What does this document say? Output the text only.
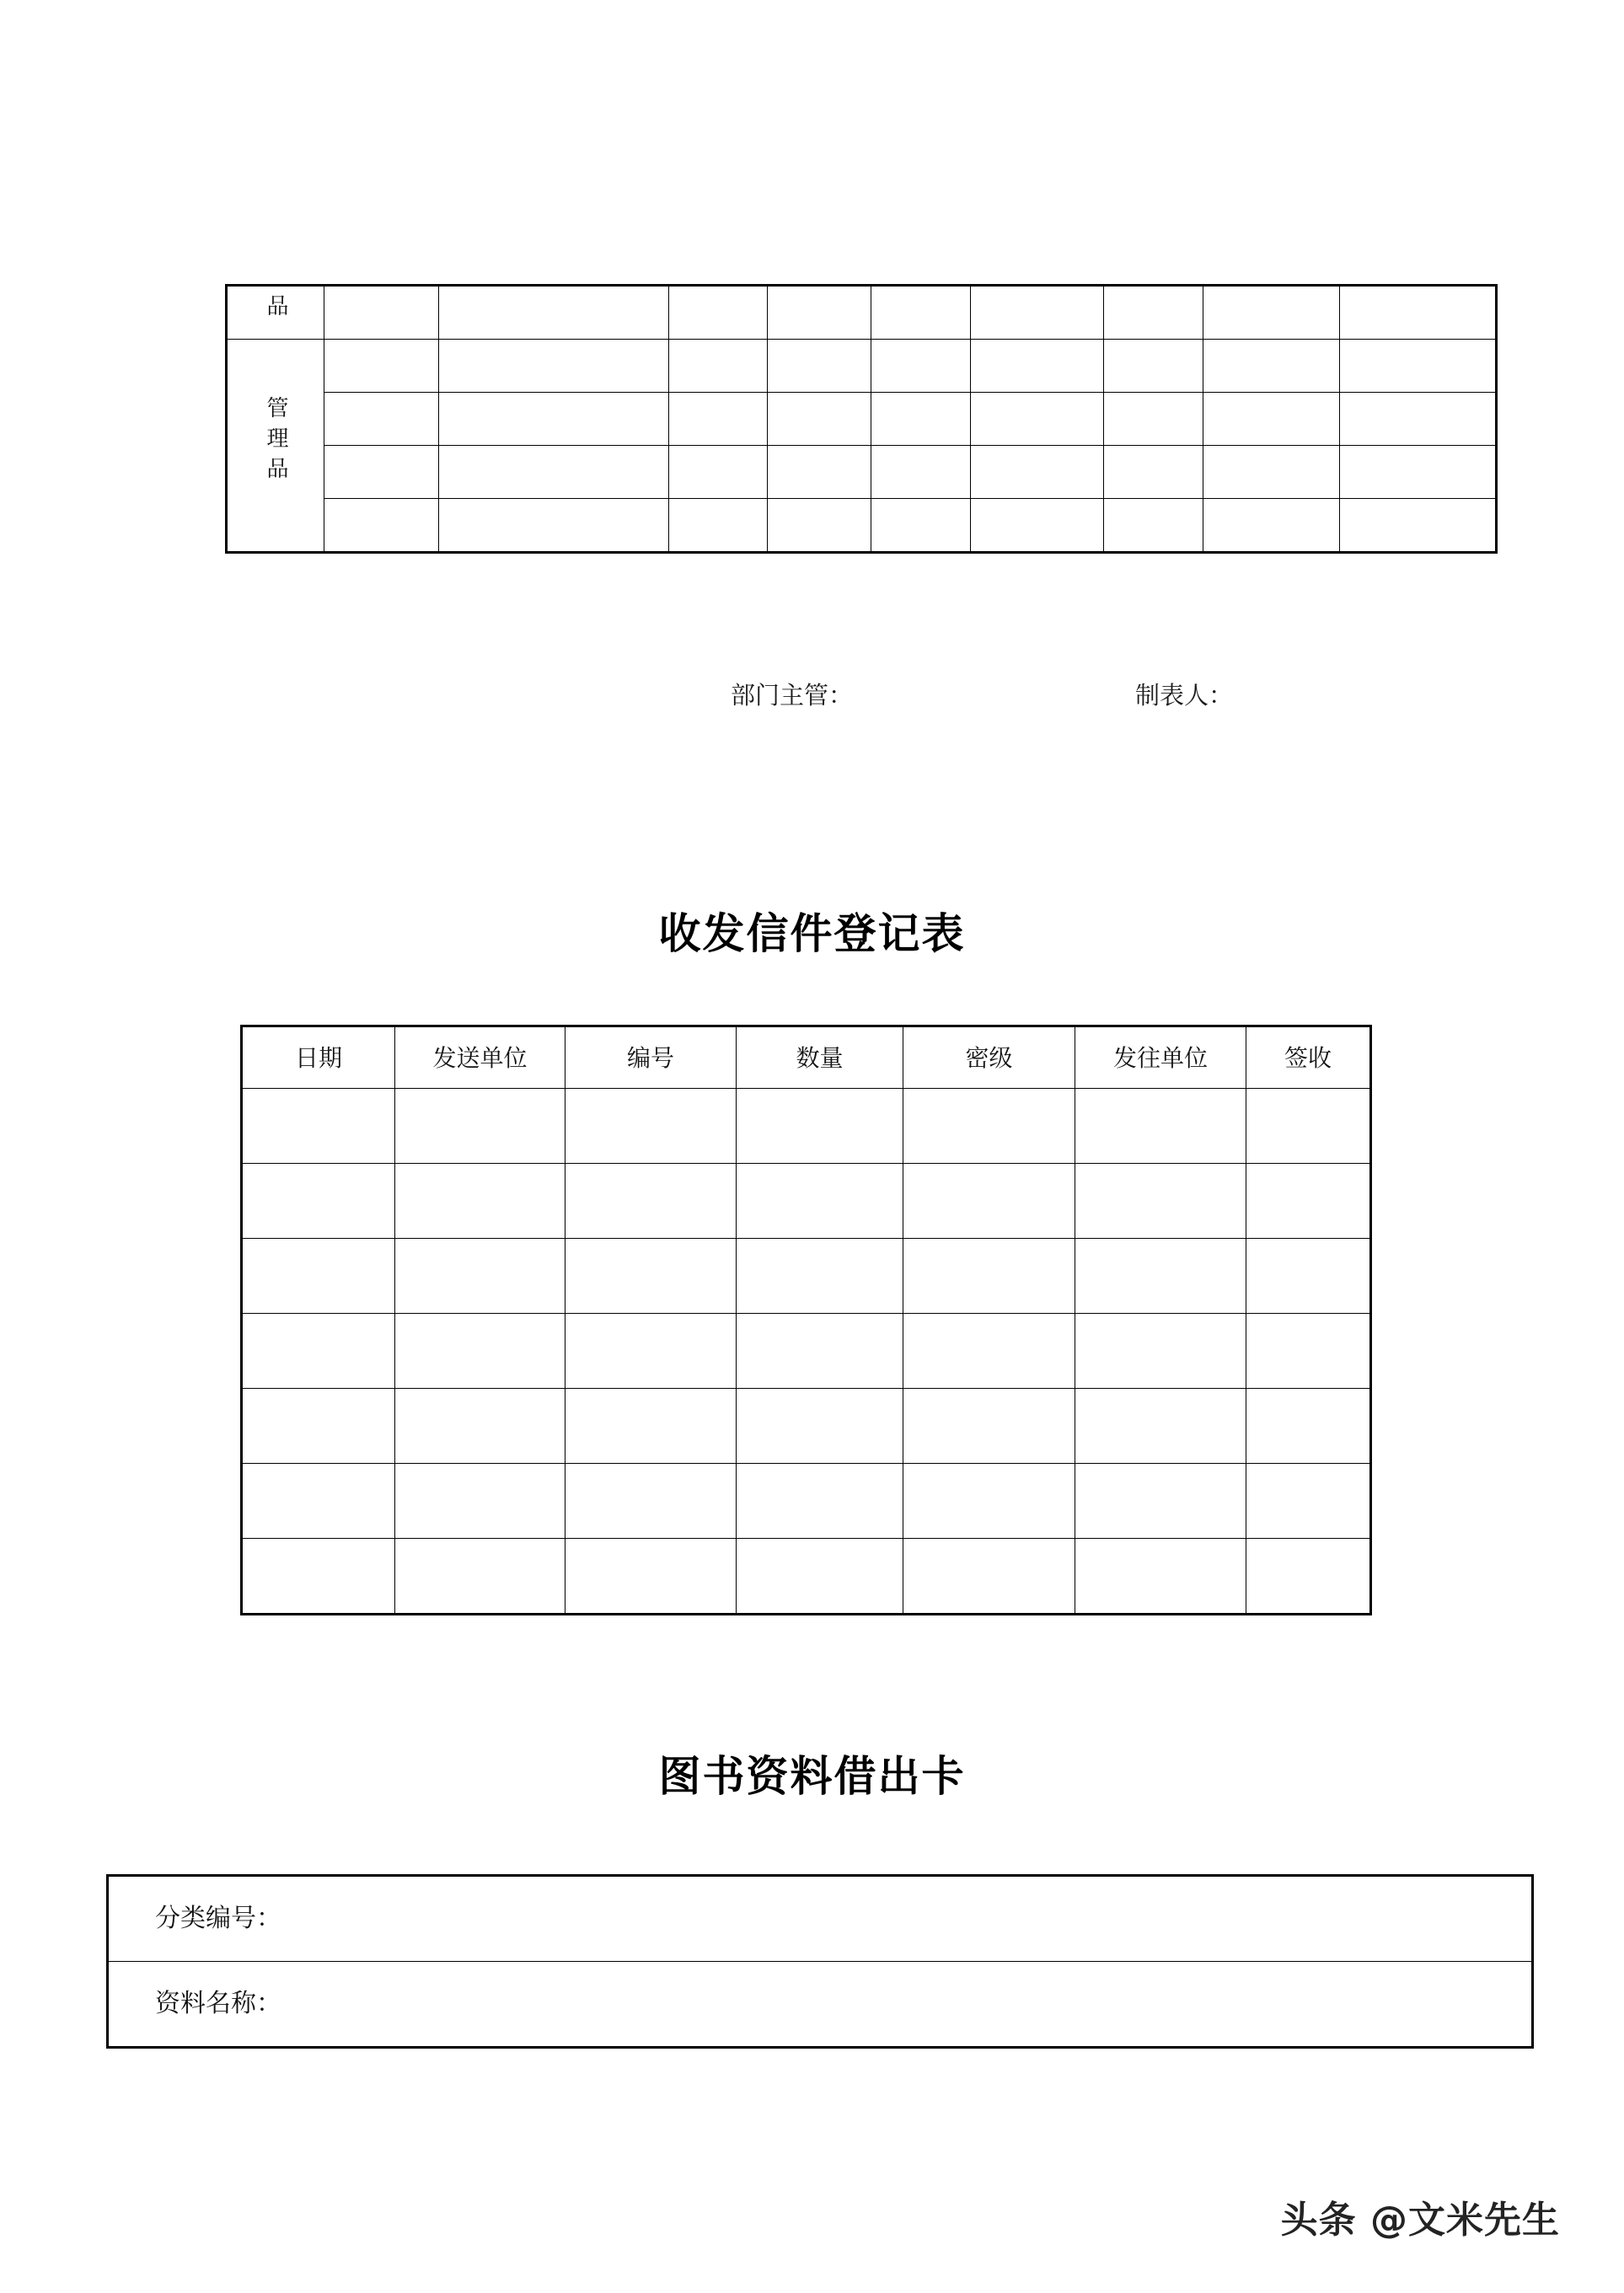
品									
管理品									

部门主管：	制表人：
收发信件登记表
日期	发送单位	编号	数量	密级	发往单位	签收

图书资料借出卡
分类编号：
资料名称：
头条 @文米先生
